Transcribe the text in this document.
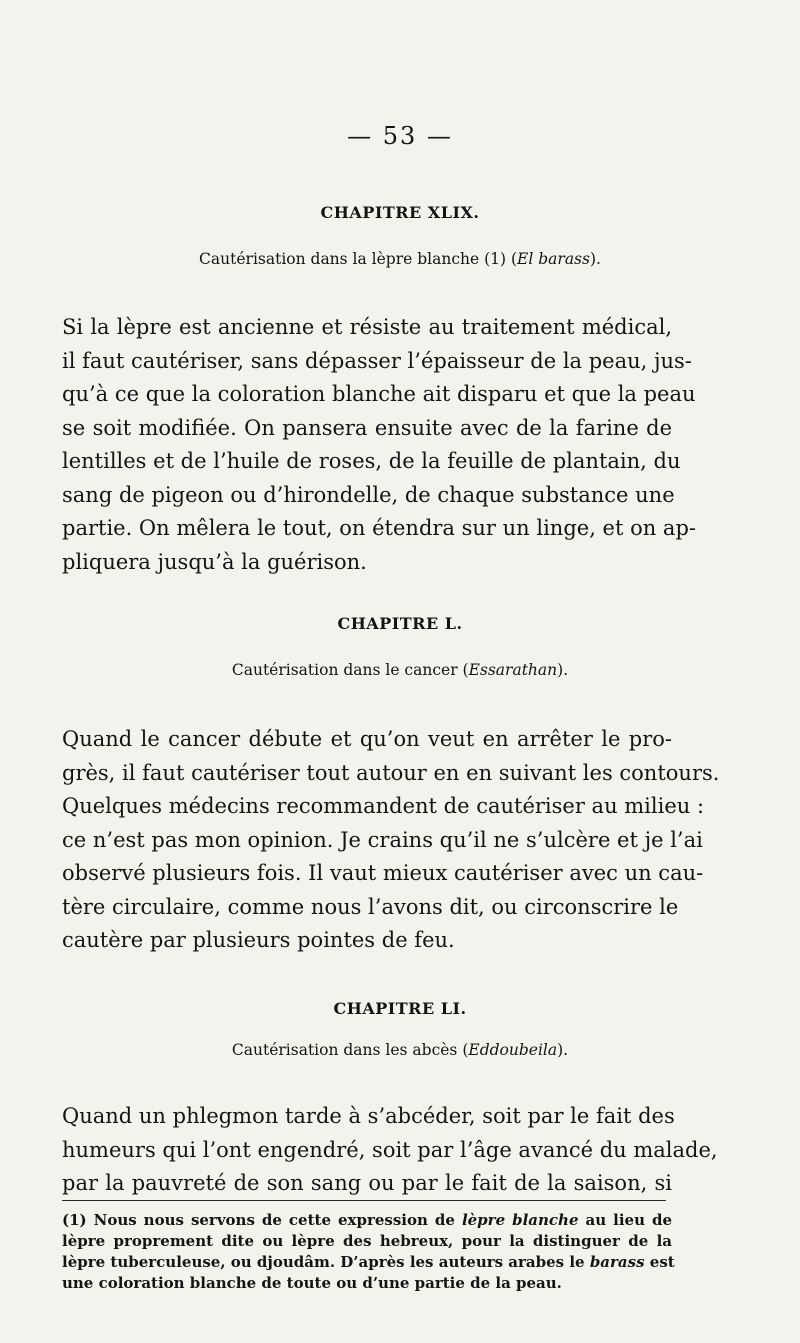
— 53 —
CHAPITRE XLIX.
Cautérisation dans la lèpre blanche (1) (El barass).
Si la lèpre est ancienne et résiste au traitement médical,
il faut cautériser, sans dépasser l’épaisseur de la peau, jus-
qu’à ce que la coloration blanche ait disparu et que la peau
se soit modifiée. On pansera ensuite avec de la farine de
lentilles et de l’huile de roses, de la feuille de plantain, du
sang de pigeon ou d’hirondelle, de chaque substance une
partie. On mêlera le tout, on étendra sur un linge, et on ap-
pliquera jusqu’à la guérison.
CHAPITRE L.
Cautérisation dans le cancer (Essarathan).
Quand le cancer débute et qu’on veut en arrêter le pro-
grès, il faut cautériser tout autour en en suivant les contours.
Quelques médecins recommandent de cautériser au milieu :
ce n’est pas mon opinion. Je crains qu’il ne s’ulcère et je l’ai
observé plusieurs fois. Il vaut mieux cautériser avec un cau-
tère circulaire, comme nous l’avons dit, ou circonscrire le
cautère par plusieurs pointes de feu.
CHAPITRE LI.
Cautérisation dans les abcès (Eddoubeila).
Quand un phlegmon tarde à s’abcéder, soit par le fait des
humeurs qui l’ont engendré, soit par l’âge avancé du malade,
par la pauvreté de son sang ou par le fait de la saison, si
(1) Nous nous servons de cette expression de lèpre blanche au lieu de
lèpre proprement dite ou lèpre des hebreux, pour la distinguer de la
lèpre tuberculeuse, ou djoudâm. D’après les auteurs arabes le barass est
une coloration blanche de toute ou d’une partie de la peau.
